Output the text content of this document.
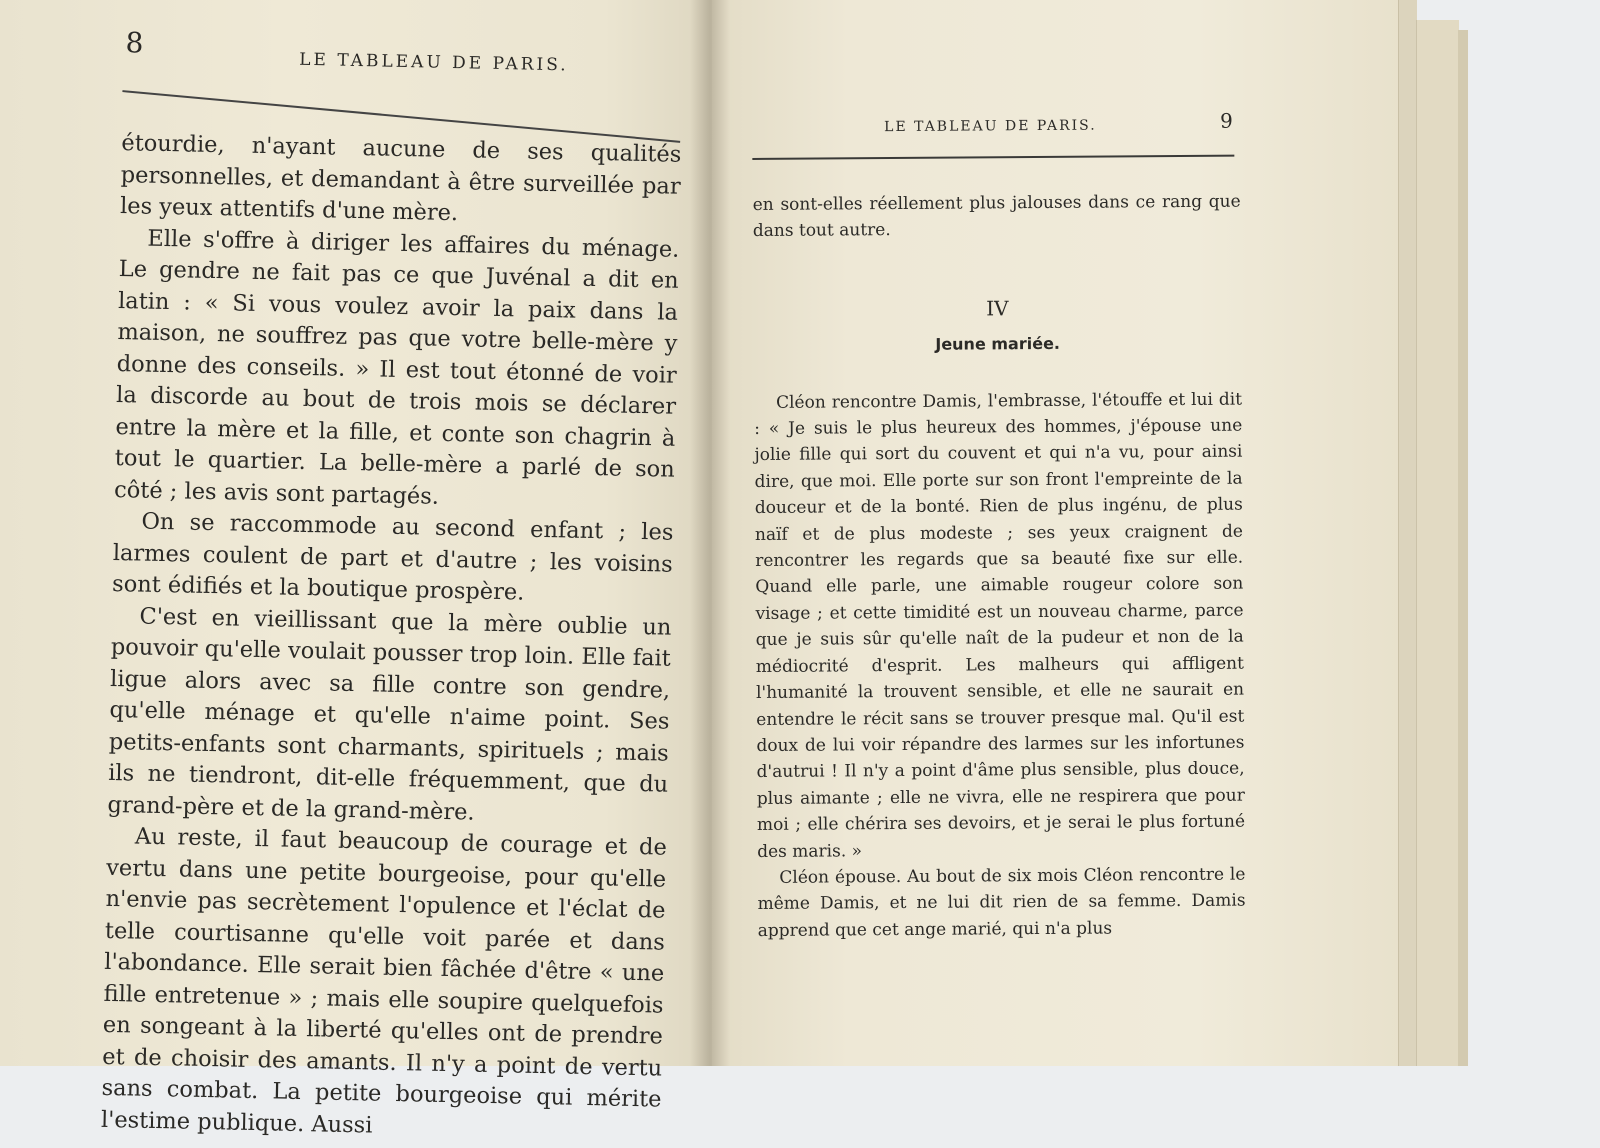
8
LE TABLEAU DE PARIS.

étourdie, n'ayant aucune de ses qualités personnelles, et demandant à être surveillée par les yeux attentifs d'une mère.

Elle s'offre à diriger les affaires du ménage. Le gendre ne fait pas ce que Juvénal a dit en latin : « Si vous voulez avoir la paix dans la maison, ne souffrez pas que votre belle-mère y donne des conseils. » Il est tout étonné de voir la discorde au bout de trois mois se déclarer entre la mère et la fille, et conte son chagrin à tout le quartier. La belle-mère a parlé de son côté ; les avis sont partagés.

On se raccommode au second enfant ; les larmes coulent de part et d'autre ; les voisins sont édifiés et la boutique prospère.

C'est en vieillissant que la mère oublie un pouvoir qu'elle voulait pousser trop loin. Elle fait ligue alors avec sa fille contre son gendre, qu'elle ménage et qu'elle n'aime point. Ses petits-enfants sont charmants, spirituels ; mais ils ne tiendront, dit-elle fréquemment, que du grand-père et de la grand-mère.

Au reste, il faut beaucoup de courage et de vertu dans une petite bourgeoise, pour qu'elle n'envie pas secrètement l'opulence et l'éclat de telle courtisanne qu'elle voit parée et dans l'abondance. Elle serait bien fâchée d'être « une fille entretenue » ; mais elle soupire quelquefois en songeant à la liberté qu'elles ont de prendre et de choisir des amants. Il n'y a point de vertu sans combat. La petite bourgeoise qui mérite l'estime publique. Aussi

LE TABLEAU DE PARIS.	9

en sont-elles réellement plus jalouses dans ce rang que dans tout autre.

IV
Jeune mariée.

Cléon rencontre Damis, l'embrasse, l'étouffe et lui dit : « Je suis le plus heureux des hommes, j'épouse une jolie fille qui sort du couvent et qui n'a vu, pour ainsi dire, que moi. Elle porte sur son front l'empreinte de la douceur et de la bonté. Rien de plus ingénu, de plus naïf et de plus modeste ; ses yeux craignent de rencontrer les regards que sa beauté fixe sur elle. Quand elle parle, une aimable rougeur colore son visage ; et cette timidité est un nouveau charme, parce que je suis sûr qu'elle naît de la pudeur et non de la médiocrité d'esprit. Les malheurs qui affligent l'humanité la trouvent sensible, et elle ne saurait en entendre le récit sans se trouver presque mal. Qu'il est doux de lui voir répandre des larmes sur les infortunes d'autrui ! Il n'y a point d'âme plus sensible, plus douce, plus aimante ; elle ne vivra, elle ne respirera que pour moi ; elle chérira ses devoirs, et je serai le plus fortuné des maris. »

Cléon épouse. Au bout de six mois Cléon rencontre le même Damis, et ne lui dit rien de sa femme. Damis apprend que cet ange marié, qui n'a plus
